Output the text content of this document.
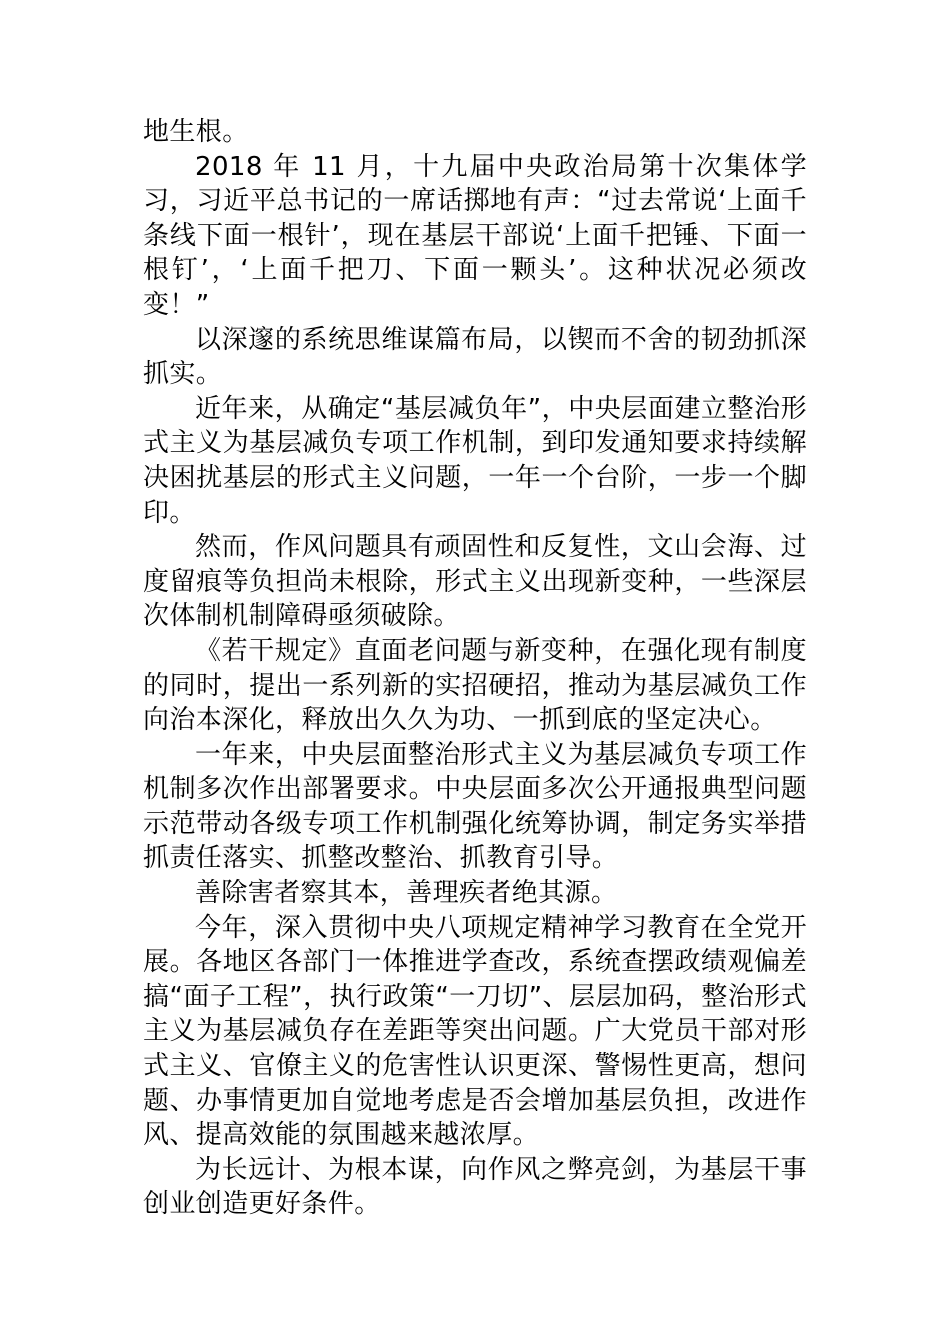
地生根。

2018 年 11 月，十九届中央政治局第十次集体学习，习近平总书记的一席话掷地有声：“过去常说‘上面千条线下面一根针’，现在基层干部说‘上面千把锤、下面一根钉’，‘上面千把刀、下面一颗头’。这种状况必须改变！”

以深邃的系统思维谋篇布局，以锲而不舍的韧劲抓深抓实。

近年来，从确定“基层减负年”，中央层面建立整治形式主义为基层减负专项工作机制，到印发通知要求持续解决困扰基层的形式主义问题，一年一个台阶，一步一个脚印。

然而，作风问题具有顽固性和反复性，文山会海、过度留痕等负担尚未根除，形式主义出现新变种，一些深层次体制机制障碍亟须破除。

《若干规定》直面老问题与新变种，在强化现有制度的同时，提出一系列新的实招硬招，推动为基层减负工作向治本深化，释放出久久为功、一抓到底的坚定决心。

一年来，中央层面整治形式主义为基层减负专项工作机制多次作出部署要求。中央层面多次公开通报典型问题示范带动各级专项工作机制强化统筹协调，制定务实举措抓责任落实、抓整改整治、抓教育引导。

善除害者察其本，善理疾者绝其源。

今年，深入贯彻中央八项规定精神学习教育在全党开展。各地区各部门一体推进学查改，系统查摆政绩观偏差搞“面子工程”，执行政策“一刀切”、层层加码，整治形式主义为基层减负存在差距等突出问题。广大党员干部对形式主义、官僚主义的危害性认识更深、警惕性更高，想问题、办事情更加自觉地考虑是否会增加基层负担，改进作风、提高效能的氛围越来越浓厚。

为长远计、为根本谋，向作风之弊亮剑，为基层干事创业创造更好条件。
